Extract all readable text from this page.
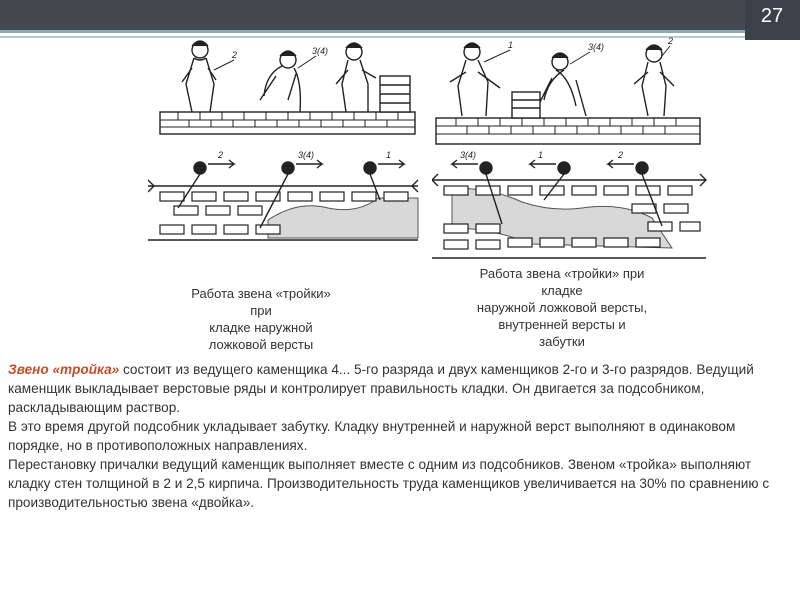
27
2	3(4)
2	3(4)	1
1	3(4)
2
3(4)	1	2
Работа звена «тройки»
при
кладке наружной
ложковой версты
Работа звена «тройки» при
кладке
наружной ложковой версты,
внутренней версты и
забутки

Звено «тройка» состоит из ведущего каменщика 4... 5-го разряда и двух каменщиков 2-го и 3-го разрядов. Ведущий каменщик выкладывает верстовые ряды и контролирует правильность кладки. Он двигается за подсобником, раскладывающим раствор.

В это время другой подсобник укладывает забутку. Кладку внутренней и наружной верст выполняют в одинаковом порядке, но в противоположных направлениях.

Перестановку причалки ведущий каменщик выполняет вместе с одним из подсобников. Звеном «тройка» выполняют кладку стен толщиной в 2 и 2,5 кирпича. Производительность труда каменщиков увеличивается на 30% по сравнению с производительностью звена «двойка».
